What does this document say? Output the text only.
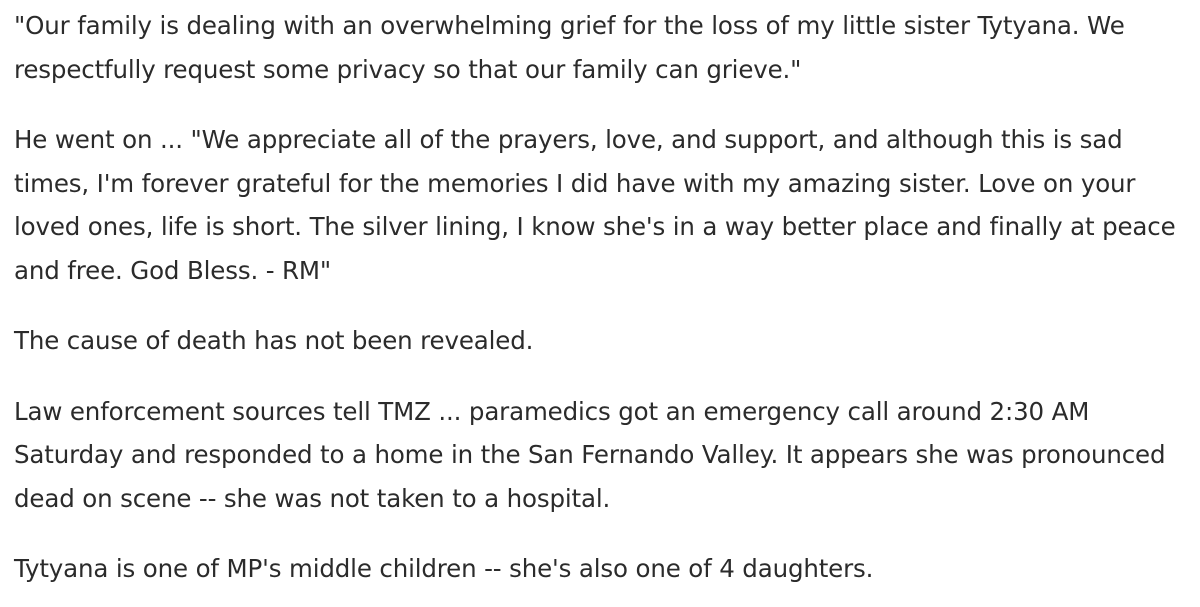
"Our family is dealing with an overwhelming grief for the loss of my little sister Tytyana. We respectfully request some privacy so that our family can grieve."

He went on ... "We appreciate all of the prayers, love, and support, and although this is sad times, I'm forever grateful for the memories I did have with my amazing sister. Love on your loved ones, life is short. The silver lining, I know she's in a way better place and finally at peace and free. God Bless. - RM"

The cause of death has not been revealed.

Law enforcement sources tell TMZ ... paramedics got an emergency call around 2:30 AM Saturday and responded to a home in the San Fernando Valley. It appears she was pronounced dead on scene -- she was not taken to a hospital.

Tytyana is one of MP's middle children -- she's also one of 4 daughters.
